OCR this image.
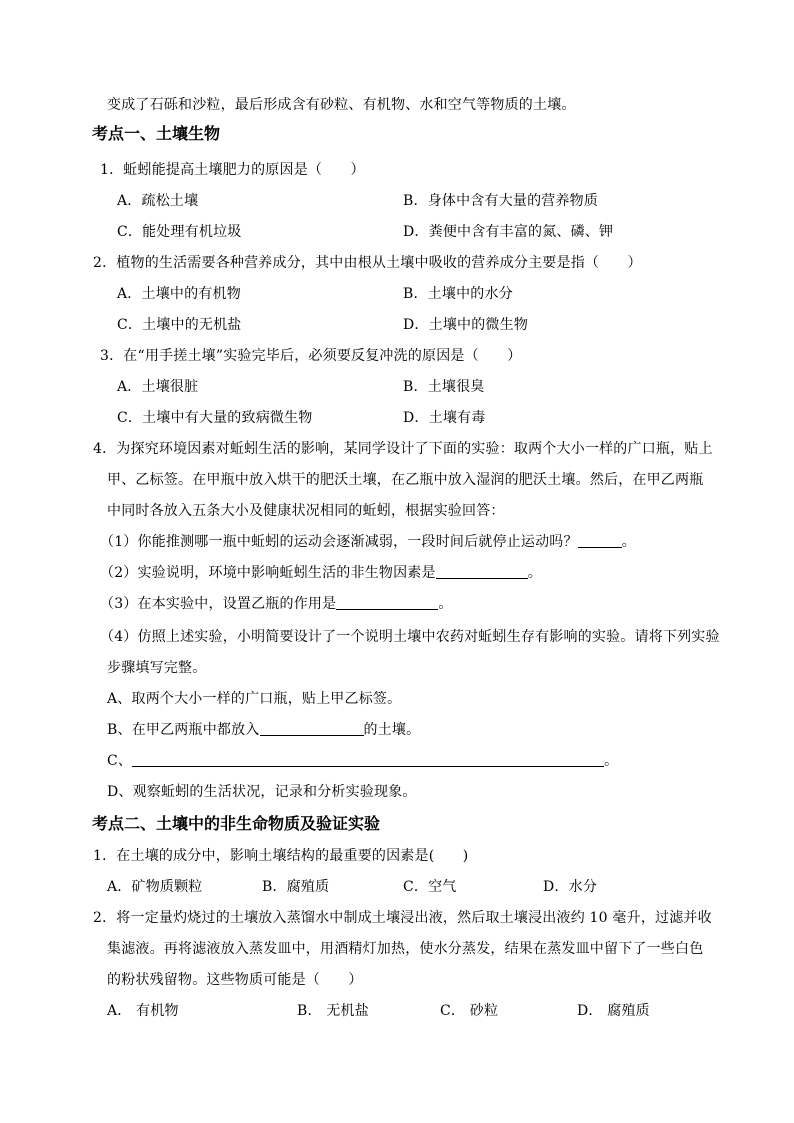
变成了石砾和沙粒，最后形成含有砂粒、有机物、水和空气等物质的土壤。
考点一、土壤生物
1．蚯蚓能提高土壤肥力的原因是（　　）
A．疏松土壤	B．身体中含有大量的营养物质
C．能处理有机垃圾	D．粪便中含有丰富的氮、磷、钾
2．植物的生活需要各种营养成分，其中由根从土壤中吸收的营养成分主要是指（　　）
A．土壤中的有机物	B．土壤中的水分
C．土壤中的无机盐	D．土壤中的微生物
3．在“用手搓土壤”实验完毕后，必须要反复冲洗的原因是（　　）
A．土壤很脏	B．土壤很臭
C．土壤中有大量的致病微生物	D．土壤有毒
4．为探究环境因素对蚯蚓生活的影响，某同学设计了下面的实验：取两个大小一样的广口瓶，贴上
甲、乙标签。在甲瓶中放入烘干的肥沃土壤，在乙瓶中放入湿润的肥沃土壤。然后，在甲乙两瓶
中同时各放入五条大小及健康状况相同的蚯蚓，根据实验回答：
（1）你能推测哪一瓶中蚯蚓的运动会逐渐减弱，一段时间后就停止运动吗？	。
（2）实验说明，环境中影响蚯蚓生活的非生物因素是	。
（3）在本实验中，设置乙瓶的作用是	。
（4）仿照上述实验，小明简要设计了一个说明土壤中农药对蚯蚓生存有影响的实验。请将下列实验
步骤填写完整。
A、取两个大小一样的广口瓶，贴上甲乙标签。
B、在甲乙两瓶中都放入	的土壤。
C、	。
D、观察蚯蚓的生活状况，记录和分析实验现象。
考点二、土壤中的非生命物质及验证实验
1．在土壤的成分中，影响土壤结构的最重要的因素是(　　)
A．矿物质颗粒	B．腐殖质	C．空气	D．水分
2．将一定量灼烧过的土壤放入蒸馏水中制成土壤浸出液，然后取土壤浸出液约 10 毫升，过滤并收
集滤液。再将滤液放入蒸发皿中，用酒精灯加热，使水分蒸发，结果在蒸发皿中留下了一些白色
的粉状残留物。这些物质可能是（　　）
A． 有机物	B． 无机盐	C． 砂粒	D． 腐殖质
